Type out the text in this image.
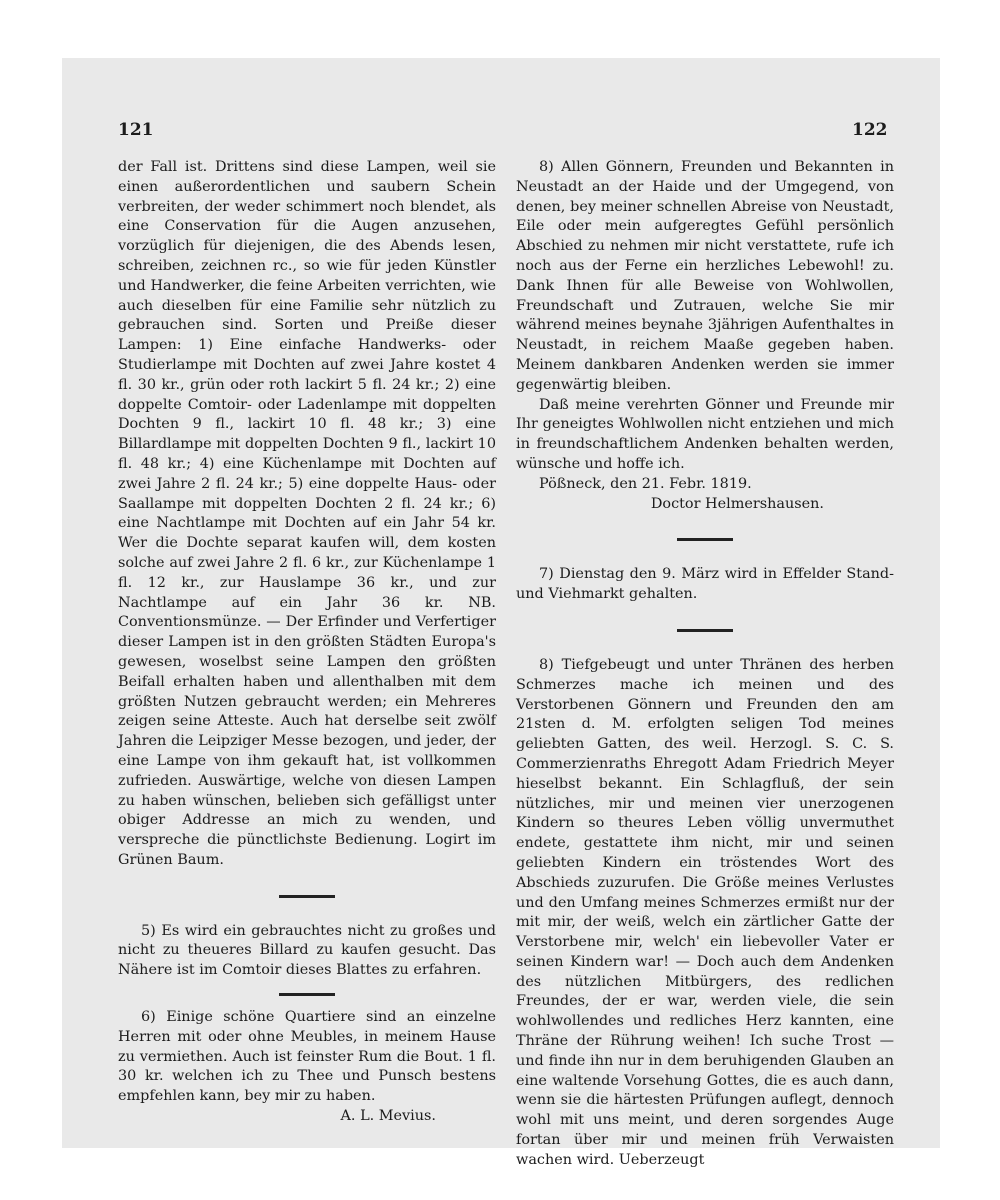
121	122

der Fall ist. Drittens sind diese Lampen, weil sie einen außerordentlichen und saubern Schein verbreiten, der weder schimmert noch blendet, als eine Conservation für die Augen anzusehen, vorzüglich für diejenigen, die des Abends lesen, schreiben, zeichnen rc., so wie für jeden Künstler und Handwerker, die feine Arbeiten verrichten, wie auch dieselben für eine Familie sehr nützlich zu gebrauchen sind. Sorten und Preiße dieser Lampen: 1) Eine einfache Handwerks- oder Studierlampe mit Dochten auf zwei Jahre kostet 4 fl. 30 kr., grün oder roth lackirt 5 fl. 24 kr.; 2) eine doppelte Comtoir- oder Ladenlampe mit doppelten Dochten 9 fl., lackirt 10 fl. 48 kr.; 3) eine Billardlampe mit doppelten Dochten 9 fl., lackirt 10 fl. 48 kr.; 4) eine Küchenlampe mit Dochten auf zwei Jahre 2 fl. 24 kr.; 5) eine doppelte Haus- oder Saallampe mit doppelten Dochten 2 fl. 24 kr.; 6) eine Nachtlampe mit Dochten auf ein Jahr 54 kr. Wer die Dochte separat kaufen will, dem kosten solche auf zwei Jahre 2 fl. 6 kr., zur Küchenlampe 1 fl. 12 kr., zur Hauslampe 36 kr., und zur Nachtlampe auf ein Jahr 36 kr. NB. Conventionsmünze. — Der Erfinder und Verfertiger dieser Lampen ist in den größten Städten Europa's gewesen, woselbst seine Lampen den größten Beifall erhalten haben und allenthalben mit dem größten Nutzen gebraucht werden; ein Mehreres zeigen seine Atteste. Auch hat derselbe seit zwölf Jahren die Leipziger Messe bezogen, und jeder, der eine Lampe von ihm gekauft hat, ist vollkommen zufrieden. Auswärtige, welche von diesen Lampen zu haben wünschen, belieben sich gefälligst unter obiger Addresse an mich zu wenden, und verspreche die pünctlichste Bedienung. Logirt im Grünen Baum.

5) Es wird ein gebrauchtes nicht zu großes und nicht zu theueres Billard zu kaufen gesucht. Das Nähere ist im Comtoir dieses Blattes zu erfahren.

6) Einige schöne Quartiere sind an einzelne Herren mit oder ohne Meubles, in meinem Hause zu vermiethen. Auch ist feinster Rum die Bout. 1 fl. 30 kr. welchen ich zu Thee und Punsch bestens empfehlen kann, bey mir zu haben.

A. L. Mevius.

8) Allen Gönnern, Freunden und Bekannten in Neustadt an der Haide und der Umgegend, von denen, bey meiner schnellen Abreise von Neustadt, Eile oder mein aufgeregtes Gefühl persönlich Abschied zu nehmen mir nicht verstattete, rufe ich noch aus der Ferne ein herzliches Lebewohl! zu. Dank Ihnen für alle Beweise von Wohlwollen, Freundschaft und Zutrauen, welche Sie mir während meines beynahe 3jährigen Aufenthaltes in Neustadt, in reichem Maaße gegeben haben. Meinem dankbaren Andenken werden sie immer gegenwärtig bleiben.

Daß meine verehrten Gönner und Freunde mir Ihr geneigtes Wohlwollen nicht entziehen und mich in freundschaftlichem Andenken behalten werden, wünsche und hoffe ich.

Pößneck, den 21. Febr. 1819.

Doctor Helmershausen.

7) Dienstag den 9. März wird in Effelder Stand- und Viehmarkt gehalten.

8) Tiefgebeugt und unter Thränen des herben Schmerzes mache ich meinen und des Verstorbenen Gönnern und Freunden den am 21sten d. M. erfolgten seligen Tod meines geliebten Gatten, des weil. Herzogl. S. C. S. Commerzienraths Ehregott Adam Friedrich Meyer hieselbst bekannt. Ein Schlagfluß, der sein nützliches, mir und meinen vier unerzogenen Kindern so theures Leben völlig unvermuthet endete, gestattete ihm nicht, mir und seinen geliebten Kindern ein tröstendes Wort des Abschieds zuzurufen. Die Größe meines Verlustes und den Umfang meines Schmerzes ermißt nur der mit mir, der weiß, welch ein zärtlicher Gatte der Verstorbene mir, welch' ein liebevoller Vater er seinen Kindern war! — Doch auch dem Andenken des nützlichen Mitbürgers, des redlichen Freundes, der er war, werden viele, die sein wohlwollendes und redliches Herz kannten, eine Thräne der Rührung weihen! Ich suche Trost — und finde ihn nur in dem beruhigenden Glauben an eine waltende Vorsehung Gottes, die es auch dann, wenn sie die härtesten Prüfungen auflegt, dennoch wohl mit uns meint, und deren sorgendes Auge fortan über mir und meinen früh Verwaisten wachen wird. Ueberzeugt
